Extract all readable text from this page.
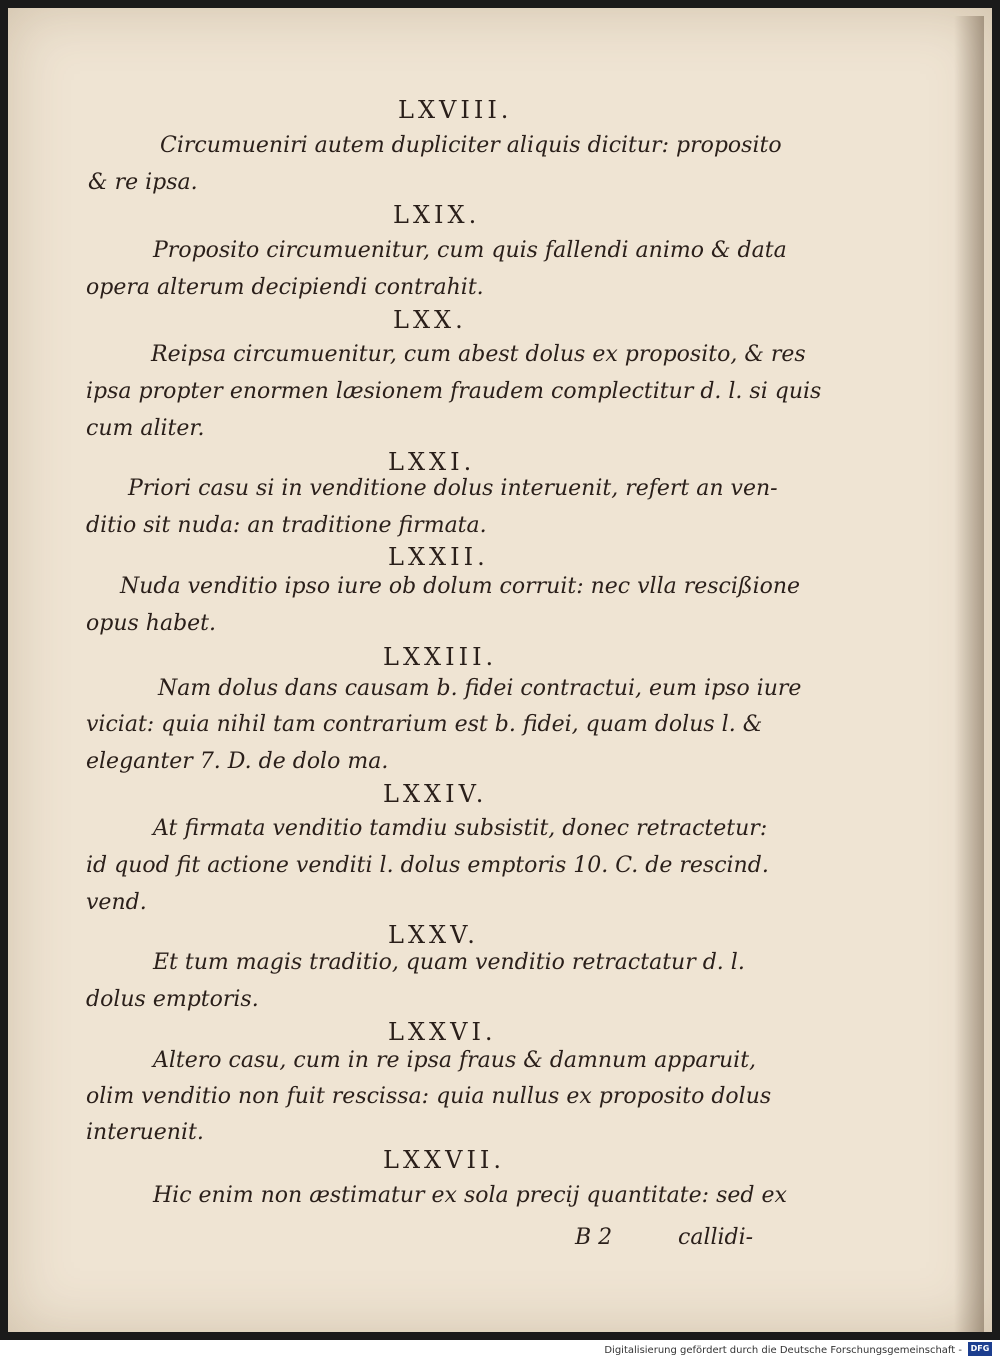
LXVIII.
Circumueniri autem dupliciter aliquis dicitur: proposito
& re ipsa.
LXIX.
Proposito circumuenitur, cum quis fallendi animo & data
opera alterum decipiendi contrahit.
LXX.
Reipsa circumuenitur, cum abest dolus ex proposito, & res
ipsa propter enormen læsionem fraudem complectitur d. l. si quis
cum aliter.
LXXI.
Priori casu si in venditione dolus interuenit, refert an ven-
ditio sit nuda: an traditione firmata.
LXXII.
Nuda venditio ipso iure ob dolum corruit: nec vlla rescißione
opus habet.
LXXIII.
Nam dolus dans causam b. fidei contractui, eum ipso iure
viciat: quia nihil tam contrarium est b. fidei, quam dolus l. &
eleganter 7. D. de dolo ma.
LXXIV.
At firmata venditio tamdiu subsistit, donec retractetur:
id quod fit actione venditi l. dolus emptoris 10. C. de rescind.
vend.
LXXV.
Et tum magis traditio, quam venditio retractatur d. l.
dolus emptoris.
LXXVI.
Altero casu, cum in re ipsa fraus & damnum apparuit,
olim venditio non fuit rescissa: quia nullus ex proposito dolus
interuenit.
LXXVII.
Hic enim non æstimatur ex sola precij quantitate: sed ex
B 2	callidi-
Digitalisierung gefördert durch die Deutsche Forschungsgemeinschaft -	DFG
